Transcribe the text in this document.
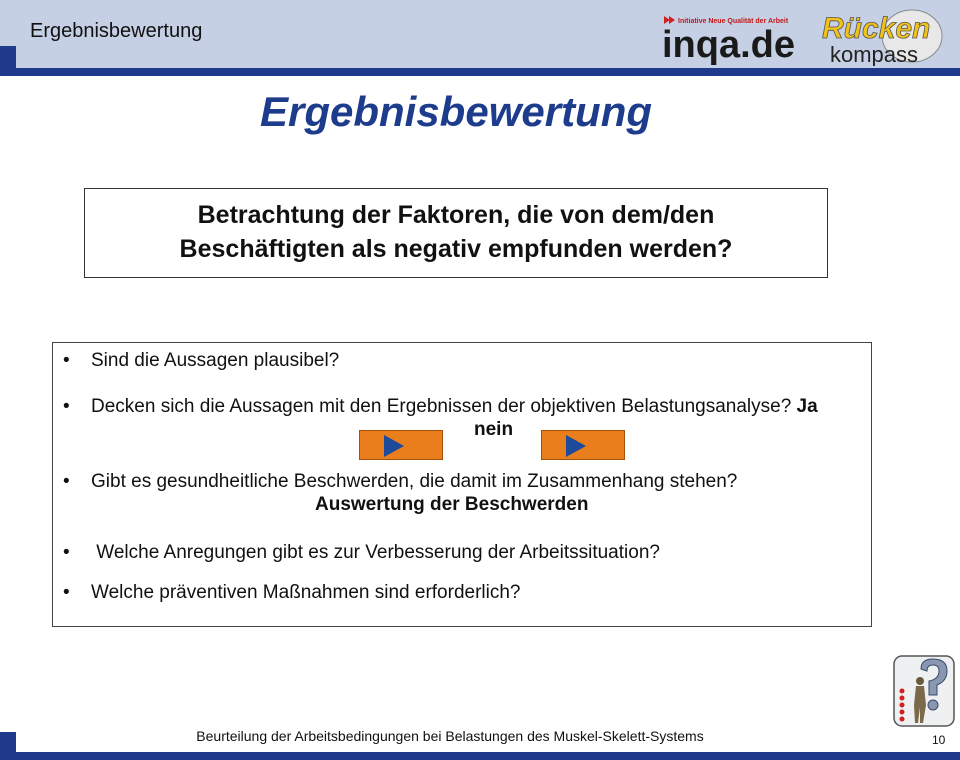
Ergebnisbewertung	Initiative Neue Qualität der Arbeit
inqa.de Rücken
kompass
Ergebnisbewertung
Betrachtung der Faktoren, die von dem/den
Beschäftigten als negativ empfunden werden?
• Sind die Aussagen plausibel?
• Decken sich die Aussagen mit den Ergebnissen der objektiven Belastungsanalyse? Ja
nein
• Gibt es gesundheitliche Beschwerden, die damit im Zusammenhang stehen?
Auswertung der Beschwerden
• Welche Anregungen gibt es zur Verbesserung der Arbeitssituation?
• Welche präventiven Maßnahmen sind erforderlich?
Beurteilung der Arbeitsbedingungen bei Belastungen des Muskel-Skelett-Systems	10
